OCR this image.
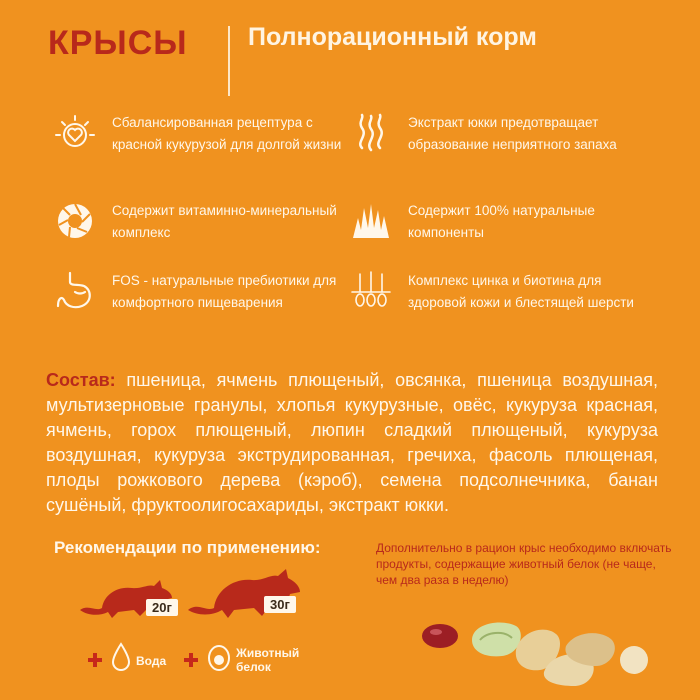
КРЫСЫ Полнорационный корм
Сбалансированная рецептура с красной кукурузой для долгой жизни
Экстракт юкки предотвращает образование неприятного запаха
Содержит витаминно-минеральный комплекс
Содержит 100% натуральные компоненты
FOS - натуральные пребиотики для комфортного пищеварения
Комплекс цинка и биотина для здоровой кожи и блестящей шерсти
Состав: пшеница, ячмень плющеный, овсянка, пшеница воздушная, мультизерновые гранулы, хлопья кукурузные, овёс, кукуруза красная, ячмень, горох плющеный, люпин сладкий плющеный, кукуруза воздушная, кукуруза экструдированная, гречиха, фасоль плющеная, плоды рожкового дерева (кэроб), семена подсолнечника, банан сушёный, фруктоолигосахариды, экстракт юкки.
Рекомендации по применению:
20г	30г
Вода
Животный белок
Дополнительно в рацион крыс необходимо включать продукты, содержащие животный белок (не чаще, чем два раза в неделю)
